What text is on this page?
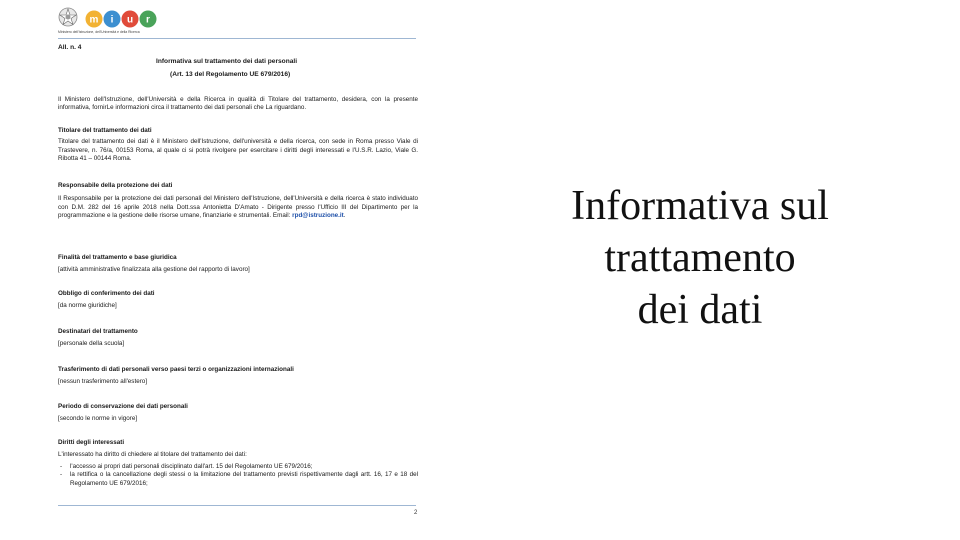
m i u r
Ministero dell'Istruzione, dell'Università e della Ricerca
All. n. 4
Informativa sul trattamento dei dati personali
(Art. 13 del Regolamento UE 679/2016)
Il Ministero dell'Istruzione, dell'Università e della Ricerca in qualità di Titolare del trattamento, desidera, con la presente informativa, fornirLe informazioni circa il trattamento dei dati personali che La riguardano.
Titolare del trattamento dei dati
Titolare del trattamento dei dati è il Ministero dell'Istruzione, dell'università e della ricerca, con sede in Roma presso Viale di Trastevere, n. 76/a, 00153 Roma, al quale ci si potrà rivolgere per esercitare i diritti degli interessati e l'U.S.R. Lazio, Viale G. Ribotta 41 – 00144 Roma.
Responsabile della protezione dei dati
Il Responsabile per la protezione dei dati personali del Ministero dell'Istruzione, dell'Università e della ricerca è stato individuato con D.M. 282 del 16 aprile 2018 nella Dott.ssa Antonietta D'Amato - Dirigente presso l'Ufficio III del Dipartimento per la programmazione e la gestione delle risorse umane, finanziarie e strumentali. Email: rpd@istruzione.it.
Finalità del trattamento e base giuridica
[attività amministrative finalizzata alla gestione del rapporto di lavoro]
Obbligo di conferimento dei dati
[da norme giuridiche]
Destinatari del trattamento
[personale della scuola]
Trasferimento di dati personali verso paesi terzi o organizzazioni internazionali
[nessun trasferimento all'estero]
Periodo di conservazione dei dati personali
[secondo le norme in vigore]
Diritti degli interessati
L'interessato ha diritto di chiedere al titolare del trattamento dei dati:
- l'accesso ai propri dati personali disciplinato dall'art. 15 del Regolamento UE 679/2016;
- la rettifica o la cancellazione degli stessi o la limitazione del trattamento previsti rispettivamente dagli artt. 16, 17 e 18 del Regolamento UE 679/2016;
2
Informativa sul
trattamento
dei dati
